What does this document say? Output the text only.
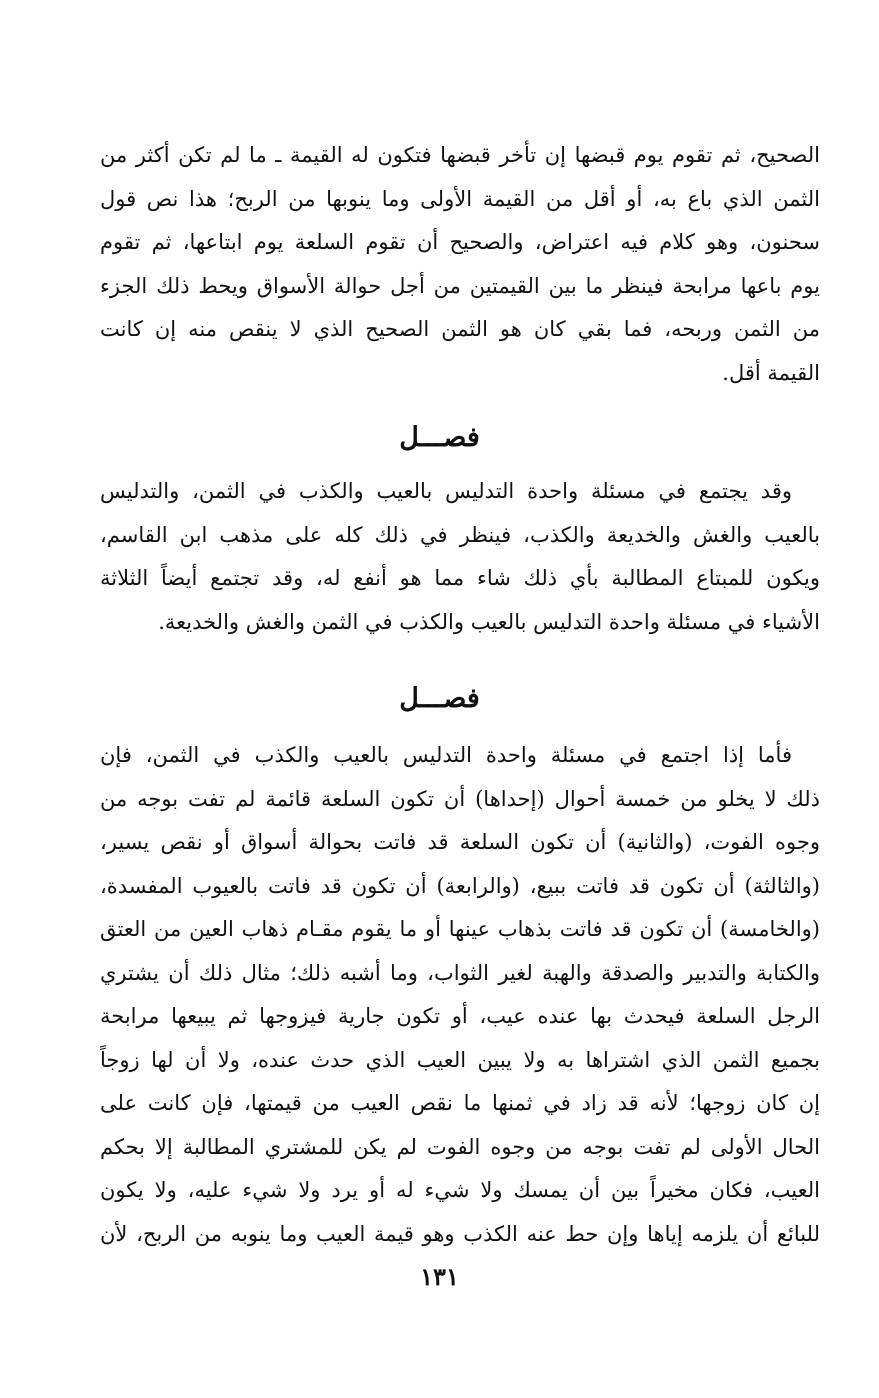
الصحيح، ثم تقوم يوم قبضها إن تأخر قبضها فتكون له القيمة ـ ما لم تكن أكثر من
الثمن الذي باع به، أو أقل من القيمة الأولى وما ينوبها من الربح؛ هذا نص قول
سحنون، وهو كلام فيه اعتراض، والصحيح أن تقوم السلعة يوم ابتاعها، ثم تقوم
يوم باعها مرابحة فينظر ما بين القيمتين من أجل حوالة الأسواق ويحط ذلك الجزء
من الثمن وربحه، فما بقي كان هو الثمن الصحيح الذي لا ينقص منه إن كانت
القيمة أقل.
فصـــل
وقد يجتمع في مسئلة واحدة التدليس بالعيب والكذب في الثمن، والتدليس
بالعيب والغش والخديعة والكذب، فينظر في ذلك كله على مذهب ابن القاسم،
ويكون للمبتاع المطالبة بأي ذلك شاء مما هو أنفع له، وقد تجتمع أيضاً الثلاثة
الأشياء في مسئلة واحدة التدليس بالعيب والكذب في الثمن والغش والخديعة.
فصـــل
فأما إذا اجتمع في مسئلة واحدة التدليس بالعيب والكذب في الثمن، فإن
ذلك لا يخلو من خمسة أحوال (إحداها) أن تكون السلعة قائمة لم تفت بوجه من
وجوه الفوت، (والثانية) أن تكون السلعة قد فاتت بحوالة أسواق أو نقص يسير،
(والثالثة) أن تكون قد فاتت ببيع، (والرابعة) أن تكون قد فاتت بالعيوب المفسدة،
(والخامسة) أن تكون قد فاتت بذهاب عينها أو ما يقوم مقـام ذهاب العين من العتق
والكتابة والتدبير والصدقة والهبة لغير الثواب، وما أشبه ذلك؛ مثال ذلك أن يشتري
الرجل السلعة فيحدث بها عنده عيب، أو تكون جارية فيزوجها ثم يبيعها مرابحة
بجميع الثمن الذي اشتراها به ولا يبين العيب الذي حدث عنده، ولا أن لها زوجاً
إن كان زوجها؛ لأنه قد زاد في ثمنها ما نقص العيب من قيمتها، فإن كانت على
الحال الأولى لم تفت بوجه من وجوه الفوت لم يكن للمشتري المطالبة إلا بحكم
العيب، فكان مخيراً بين أن يمسك ولا شيء له أو يرد ولا شيء عليه، ولا يكون
للبائع أن يلزمه إياها وإن حط عنه الكذب وهو قيمة العيب وما ينوبه من الربح، لأن
١٣١
